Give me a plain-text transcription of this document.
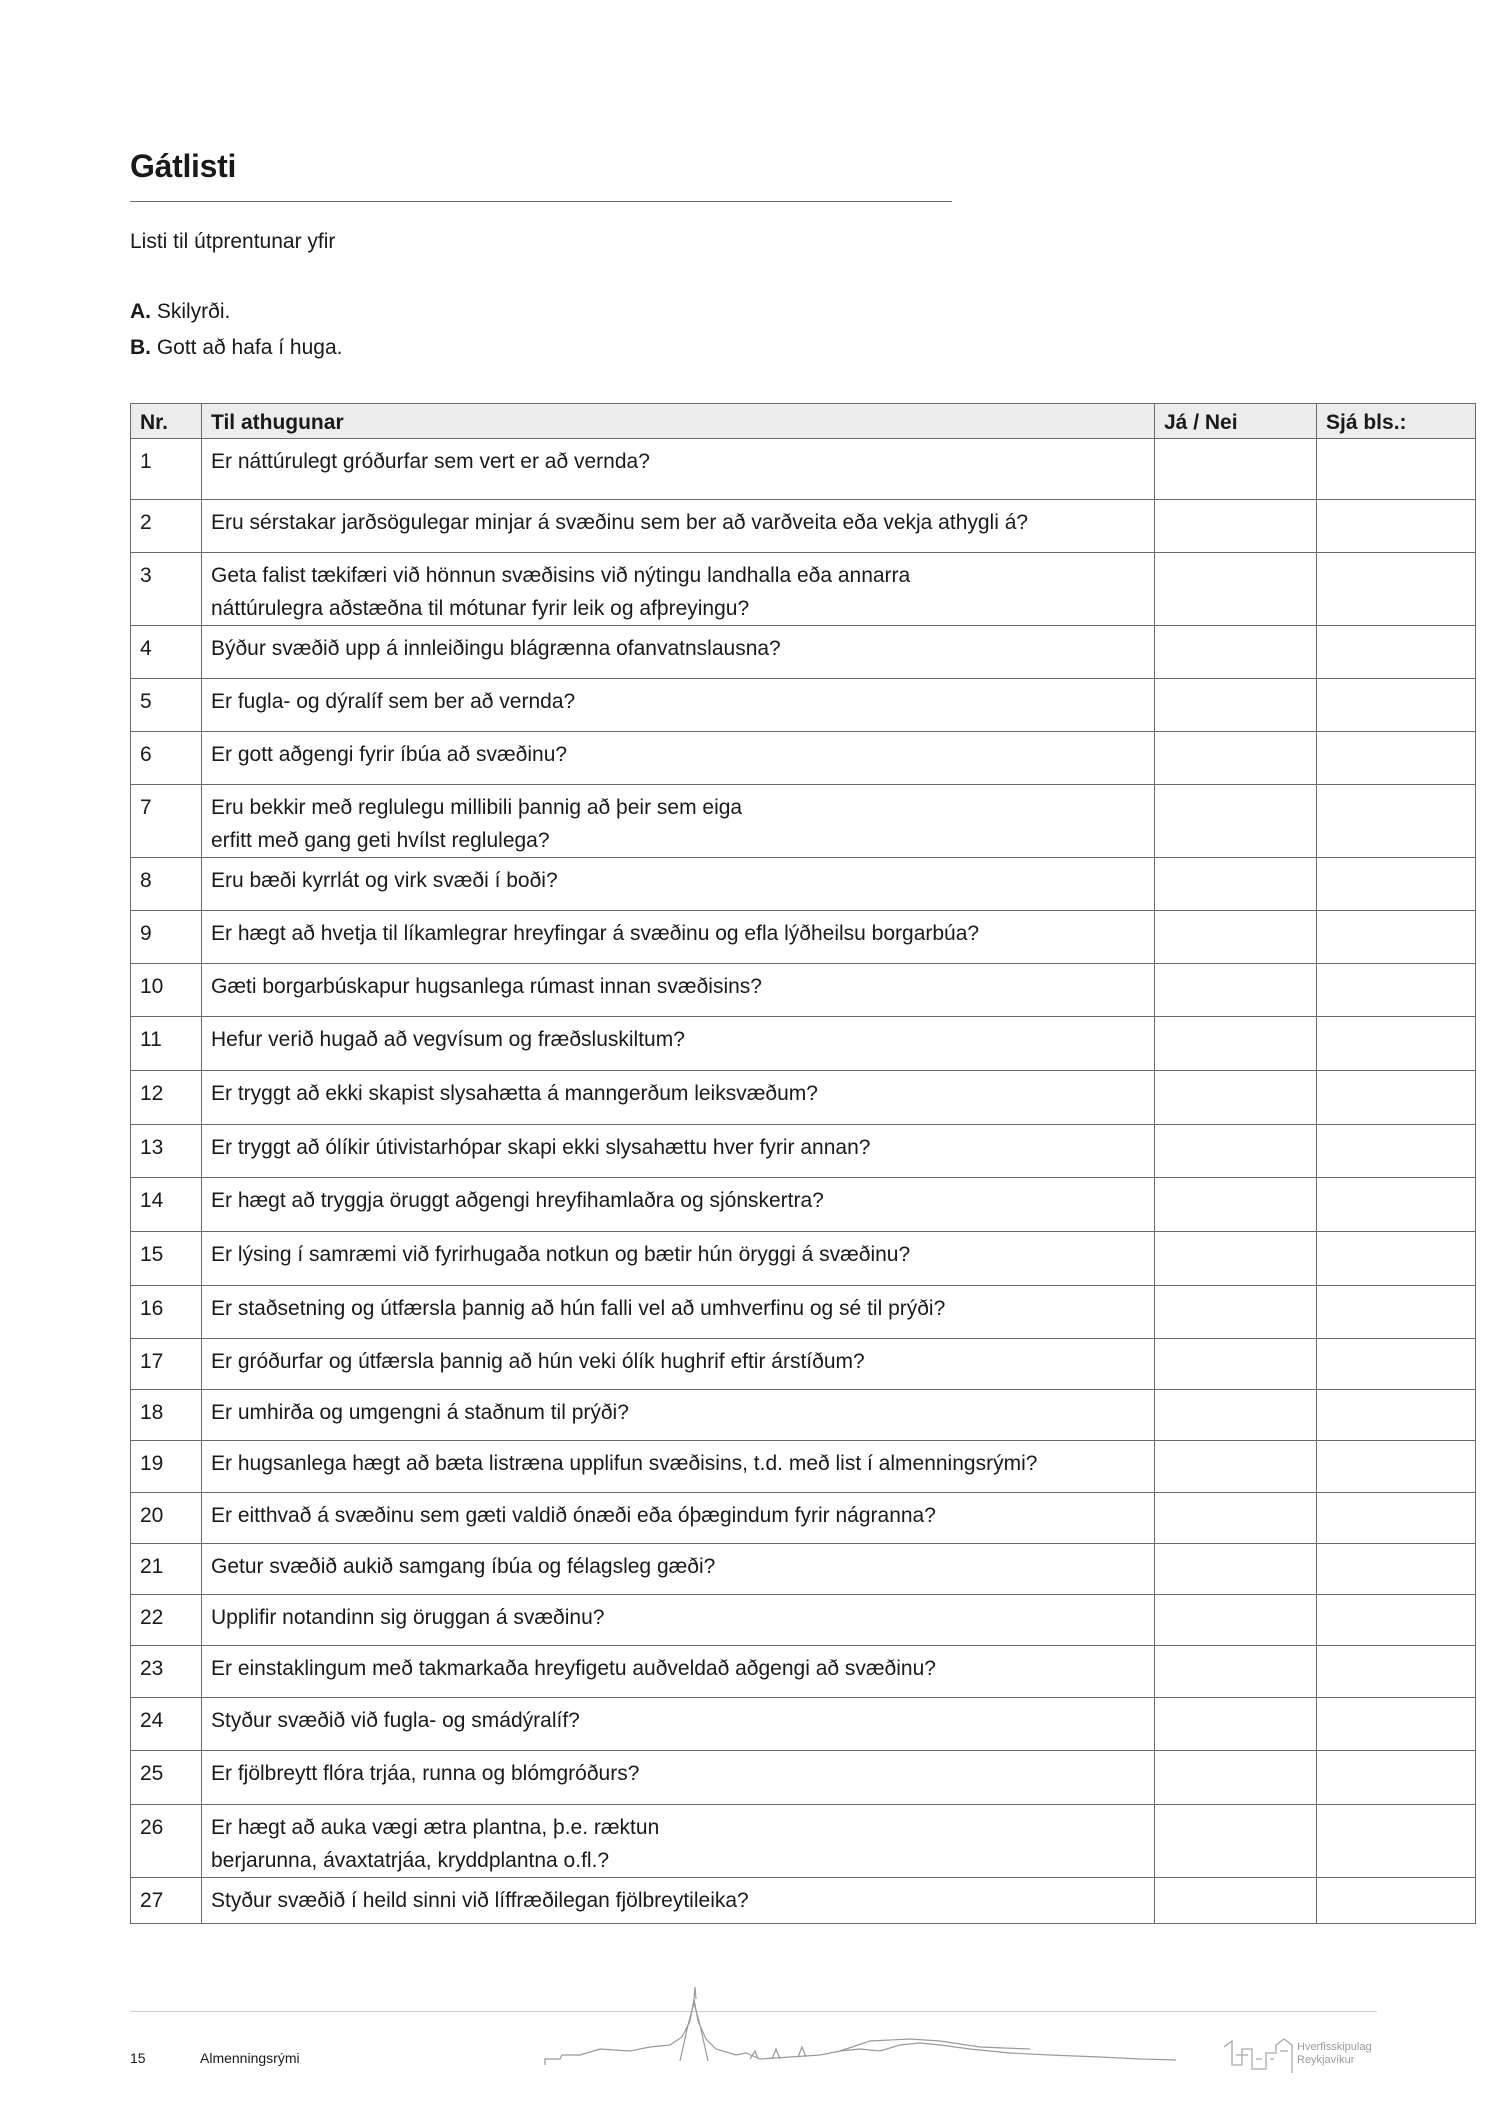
Gátlisti
Listi til útprentunar yfir
A. Skilyrði.
B. Gott að hafa í huga.
Nr.	Til athugunar	Já / Nei	Sjá bls.:
1	Er náttúrulegt gróðurfar sem vert er að vernda?		

2	Eru sérstakar jarðsögulegar minjar á svæðinu sem ber að varðveita eða vekja athygli á?		

3	Geta falist tækifæri við hönnun svæðisins við nýtingu landhalla eða annarra náttúrulegra aðstæðna til mótunar fyrir leik og afþreyingu?		

4	Býður svæðið upp á innleiðingu blágrænna ofanvatnslausna?		

5	Er fugla- og dýralíf sem ber að vernda?		

6	Er gott aðgengi fyrir íbúa að svæðinu?		

7	Eru bekkir með reglulegu millibili þannig að þeir sem eiga erfitt með gang geti hvílst reglulega?		

8	Eru bæði kyrrlát og virk svæði í boði?		

9	Er hægt að hvetja til líkamlegrar hreyfingar á svæðinu og efla lýðheilsu borgarbúa?		

10	Gæti borgarbúskapur hugsanlega rúmast innan svæðisins?		

11	Hefur verið hugað að vegvísum og fræðsluskiltum?		

12	Er tryggt að ekki skapist slysahætta á manngerðum leiksvæðum?		

13	Er tryggt að ólíkir útivistarhópar skapi ekki slysahættu hver fyrir annan?		

14	Er hægt að tryggja öruggt aðgengi hreyfihamlaðra og sjónskertra?		

15	Er lýsing í samræmi við fyrirhugaða notkun og bætir hún öryggi á svæðinu?		

16	Er staðsetning og útfærsla þannig að hún falli vel að umhverfinu og sé til prýði?		

17	Er gróðurfar og útfærsla þannig að hún veki ólík hughrif eftir árstíðum?		

18	Er umhirða og umgengni á staðnum til prýði?		

19	Er hugsanlega hægt að bæta listræna upplifun svæðisins, t.d. með list í almenningsrými?		

20	Er eitthvað á svæðinu sem gæti valdið ónæði eða óþægindum fyrir nágranna?		

21	Getur svæðið aukið samgang íbúa og félagsleg gæði?		

22	Upplifir notandinn sig öruggan á svæðinu?		

23	Er einstaklingum með takmarkaða hreyfigetu auðveldað aðgengi að svæðinu?		

24	Styður svæðið við fugla- og smádýralíf?		

25	Er fjölbreytt flóra trjáa, runna og blómgróðurs?		

26	Er hægt að auka vægi ætra plantna, þ.e. ræktun berjarunna, ávaxtatrjáa, kryddplantna o.fl.?		

27	Styður svæðið í heild sinni við líffræðilegan fjölbreytileika?		

15	Almenningsrými
Hverfisskipulag
Reykjavíkur
